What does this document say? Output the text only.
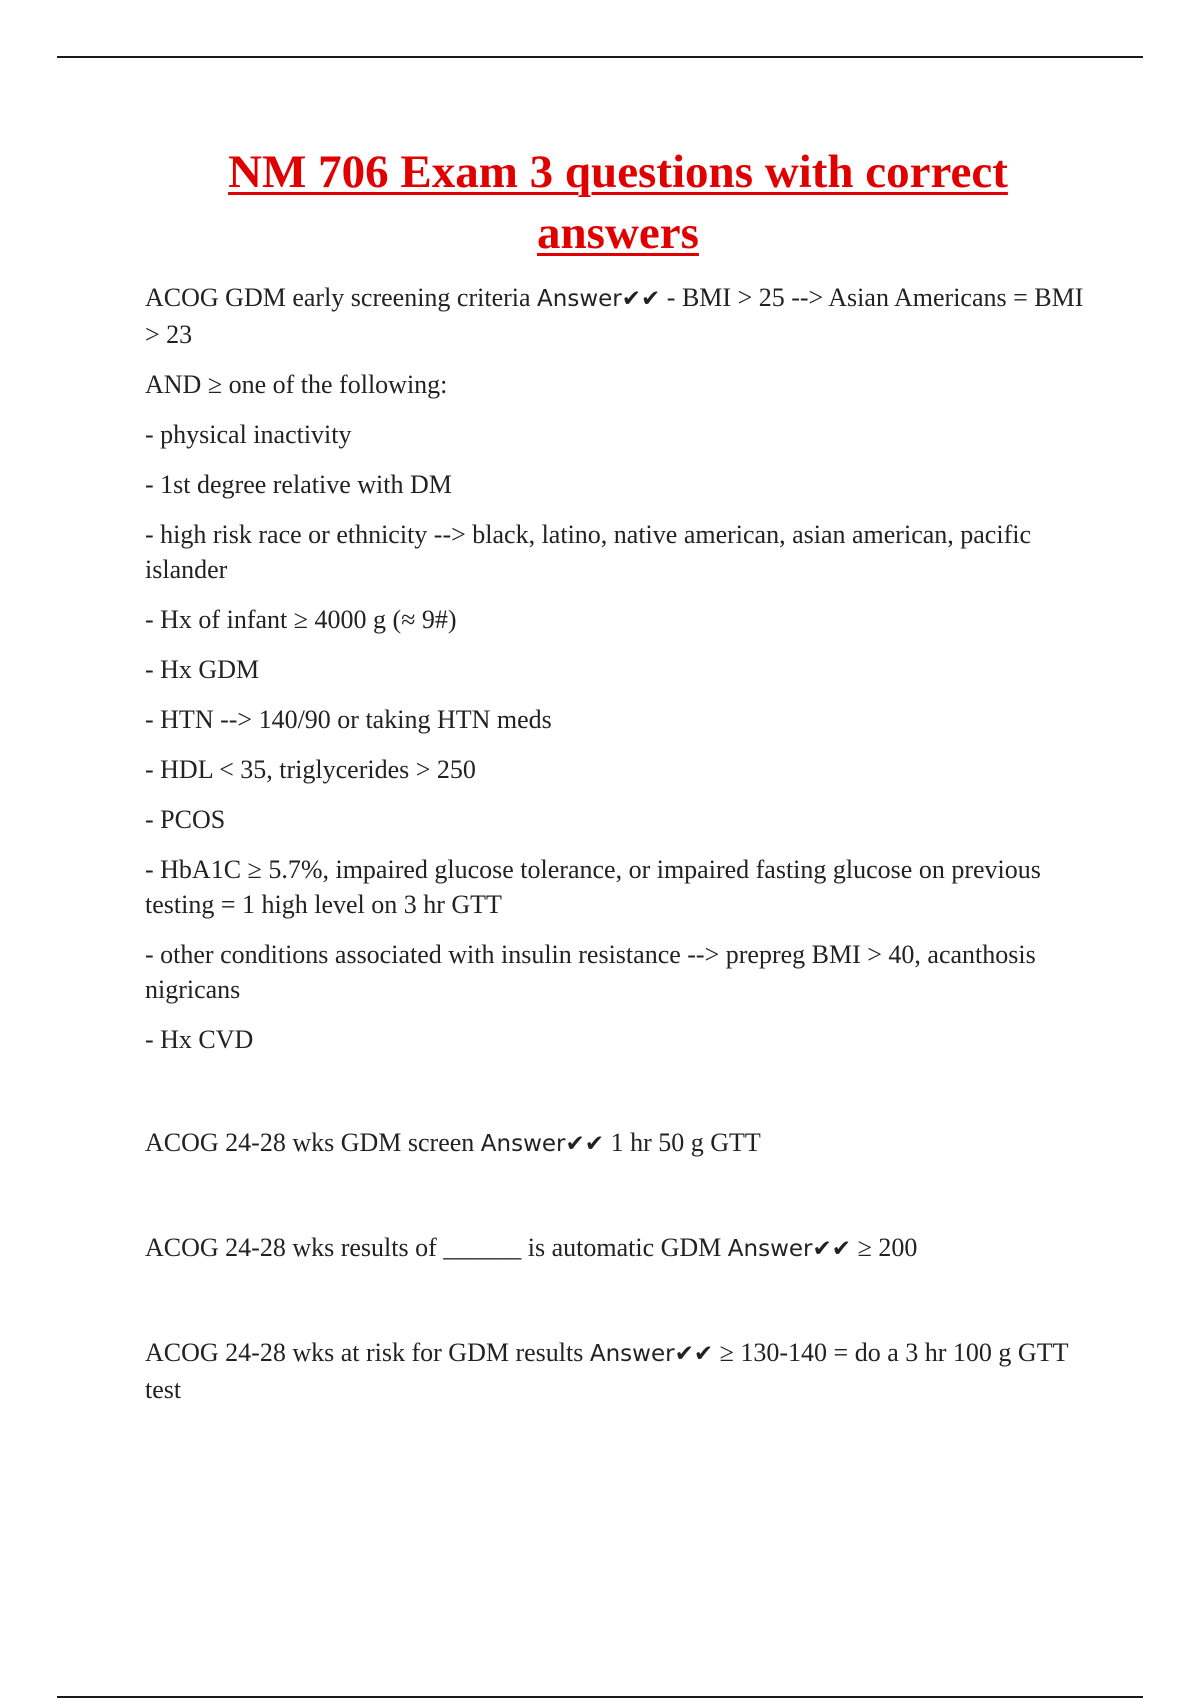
NM 706 Exam 3 questions with correct answers

ACOG GDM early screening criteria Answer✔✔ - BMI > 25 --> Asian Americans = BMI > 23

AND ≥ one of the following:

- physical inactivity

- 1st degree relative with DM

- high risk race or ethnicity --> black, latino, native american, asian american, pacific islander

- Hx of infant ≥ 4000 g (≈ 9#)

- Hx GDM

- HTN --> 140/90 or taking HTN meds

- HDL < 35, triglycerides > 250

- PCOS

- HbA1C ≥ 5.7%, impaired glucose tolerance, or impaired fasting glucose on previous testing = 1 high level on 3 hr GTT

- other conditions associated with insulin resistance --> prepreg BMI > 40, acanthosis nigricans

- Hx CVD

ACOG 24-28 wks GDM screen Answer✔✔ 1 hr 50 g GTT

ACOG 24-28 wks results of ______ is automatic GDM Answer✔✔ ≥ 200

ACOG 24-28 wks at risk for GDM results Answer✔✔ ≥ 130-140 = do a 3 hr 100 g GTT test
